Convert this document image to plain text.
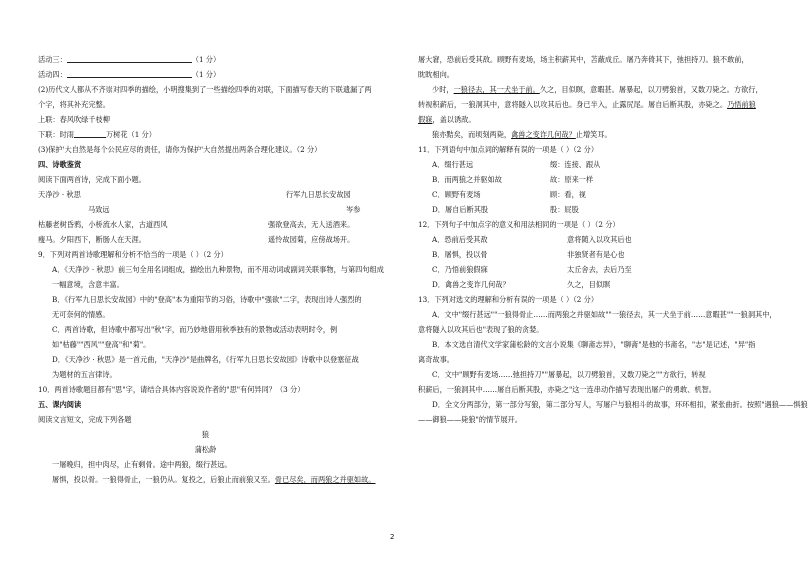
活动三：	（1 分）
活动四：	（1 分）
(2)历代文人都从不齐崇对四季的描绘，小明搜集到了一些描绘四季的对联，下面描写春天的下联遗漏了两
个字，将其补充完整。
上联：春风吹绿千枝柳
下联：时雨	万树花（1 分）
(3)保护'大自然是每个公民应尽的责任，请你为保护'大自然提出两条合理化建议。（2 分）
四、诗歌鉴赏
阅读下面两首诗，完成下面小题。
天净沙 · 秋思	行军九日思长安故园
马致远	岑参
枯藤老树昏鸦，小桥流水人家，古道西风	强欲登高去，无人送酒来。
瘦马。夕阳西下，断肠人在天涯。	遥怜故园菊，应傍战场开。
9．下列对两首诗歌理解和分析不恰当的一项是（ ）（2 分）
A．《天净沙 · 秋思》前三句全用名词组成，描绘出九种景物，而不用动词或副词关联事物，与第四句组成
一幅意境，含意丰富。
B．《行军九日思长安故园》中的"登高"本为重阳节的习俗，诗歌中"强欲"二字，表现出诗人强烈的
无可奈何的情感。
C．两首诗歌，但诗歌中都写出"秋"字，而乃妙地借用秋季独有的景物或活动表明时令，例
如"枯藤""西风""登高"和"菊"。
D．《天净沙 · 秋思》是一首元曲，"天净沙"是曲牌名，《行军九日思长安故园》诗歌中以登塞征战
为题材的五言律诗。
10．两首诗歌题目都有"思"字，请结合具体内容说说作者的"思"有何异同？（3 分）
五、课内阅读
阅读文言短文，完成下列各题
狼
蒲松龄
一屠晚归，担中肉尽，止有剩骨。途中两狼，缀行甚远。
屠惧，投以骨。一狼得骨止，一狼仍从。复投之，后狼止而前狼又至。骨已尽矣，而两狼之并驱如故。
屠大窘，恐前后受其敌。顾野有麦场，场主积薪其中，苫蔽成丘。屠乃奔倚其下，弛担持刀。狼不敢前，
眈眈相向。
少时，一狼径去，其一犬坐于前。久之，目似瞑，意暇甚。屠暴起，以刀劈狼首，又数刀毙之。方欲行，
转视积薪后，一狼洞其中，意将隧入以攻其后也。身已半入，止露尻尾。屠自后断其股，亦毙之。乃悟前狼
假寐，盖以诱敌。
狼亦黠矣，而顷刻两毙，禽兽之变诈几何哉？止增笑耳。
11．下列语句中加点词的解释有误的一项是（ ）（2 分）
A．缀行甚远	缀：连接、跟从
B．而两狼之并驱如故	故：原来一样
C．顾野有麦场	顾：看，视
D．屠自后断其股	股：屁股
12．下列句子中加点字的意义和用法相同的一项是（ ）（2 分）
A．恐前后受其敌	意将随入以攻其后也
B．屠惧，投以骨	非独贤者有是心也
C．乃悟前狼假寐	太丘舍去，去后乃至
D．禽兽之变诈几何哉？	久之，目似瞑
13．下列对选文的理解和分析有误的一项是（ ）（2 分）
A．文中"缀行甚远""一狼得骨止……而两狼之并驱如故""一狼径去，其一犬坐于前……意暇甚""一狼洞其中，
意将隧入以攻其后也"表现了狼的贪婪。
B．本文选自清代文学家蒲松龄的文言小说集《聊斋志异》，"聊斋"是他的书斋名，"志"是记述，"异"指
离奇故事。
C．文中"顾野有麦场……弛担持刀""屠暴起，以刀劈狼首，又数刀毙之""方欲行，转视
积薪后，一狼洞其中……屠自后断其股，亦毙之"这一连串动作描写表现出屠户的勇敢、机智。
D．全文分两部分，第一部分写狼，第二部分写人，写屠户与狼相斗的故事，环环相扣，紧张曲折。按照"遇狼——惧狼
——御狼——毙狼"的情节展开。
2
